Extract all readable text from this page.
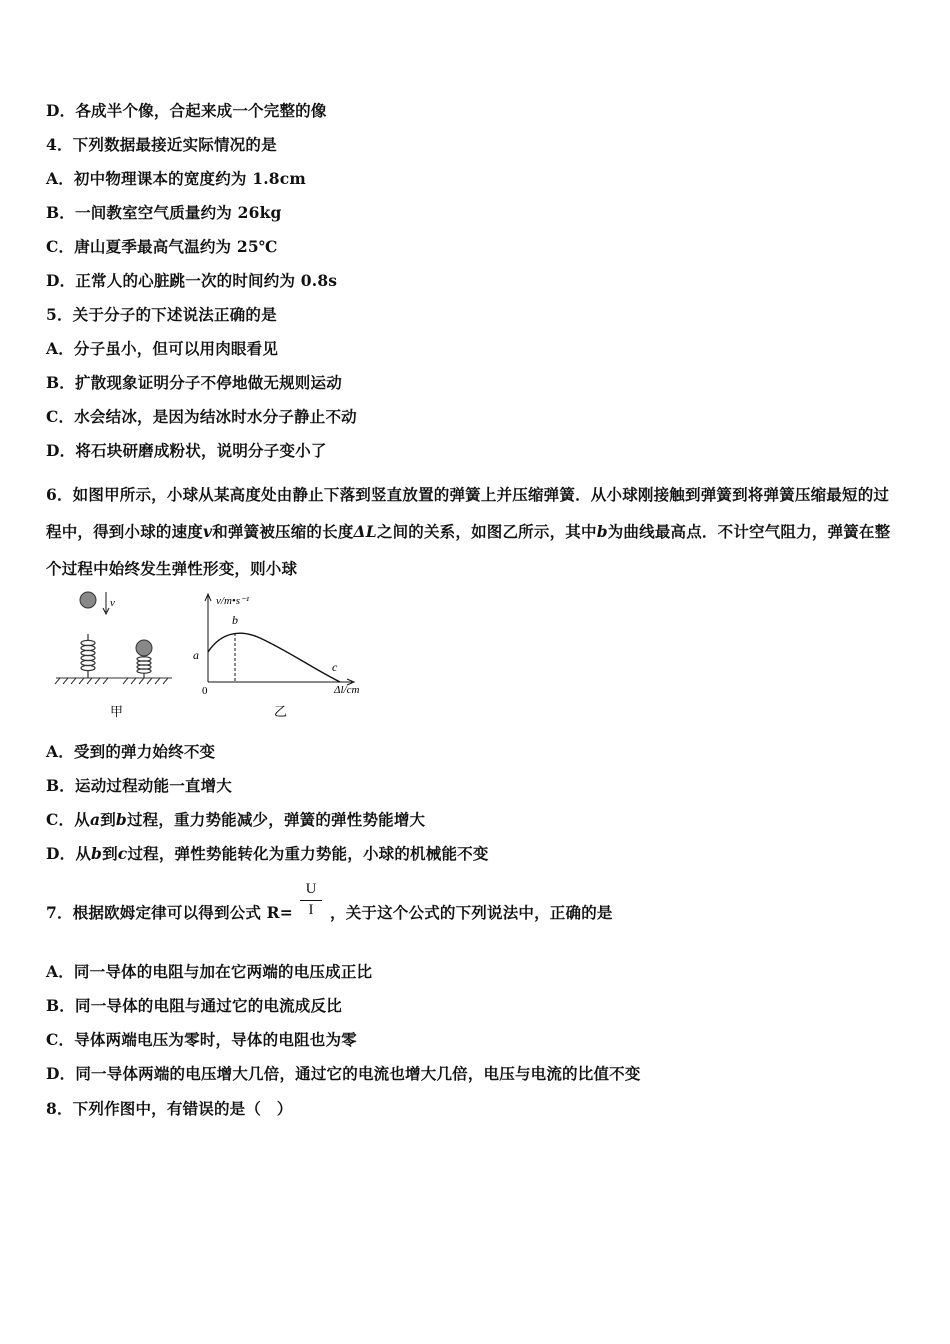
D．各成半个像，合起来成一个完整的像
4．下列数据最接近实际情况的是
A．初中物理课本的宽度约为 1.8cm
B．一间教室空气质量约为 26kg
C．唐山夏季最高气温约为 25℃
D．正常人的心脏跳一次的时间约为 0.8s
5．关于分子的下述说法正确的是
A．分子虽小，但可以用肉眼看见
B．扩散现象证明分子不停地做无规则运动
C．水会结冰，是因为结冰时水分子静止不动
D．将石块研磨成粉状，说明分子变小了
6．如图甲所示，小球从某高度处由静止下落到竖直放置的弹簧上并压缩弹簧．从小球刚接触到弹簧到将弹簧压缩最短的过程中，得到小球的速度v和弹簧被压缩的长度ΔL之间的关系，如图乙所示，其中b为曲线最高点．不计空气阻力，弹簧在整个过程中始终发生弹性形变，则小球
v
甲
v/m•s⁻¹
0	Δl/cm
a
b
c
乙
A．受到的弹力始终不变
B．运动过程动能一直增大
C．从a到b过程，重力势能减少，弹簧的弹性势能增大
D．从b到c过程，弹性势能转化为重力势能，小球的机械能不变
7．根据欧姆定律可以得到公式 R=
U
I	，关于这个公式的下列说法中，正确的是
A．同一导体的电阻与加在它两端的电压成正比
B．同一导体的电阻与通过它的电流成反比
C．导体两端电压为零时，导体的电阻也为零
D．同一导体两端的电压增大几倍，通过它的电流也增大几倍，电压与电流的比值不变
8．下列作图中，有错误的是（　）
